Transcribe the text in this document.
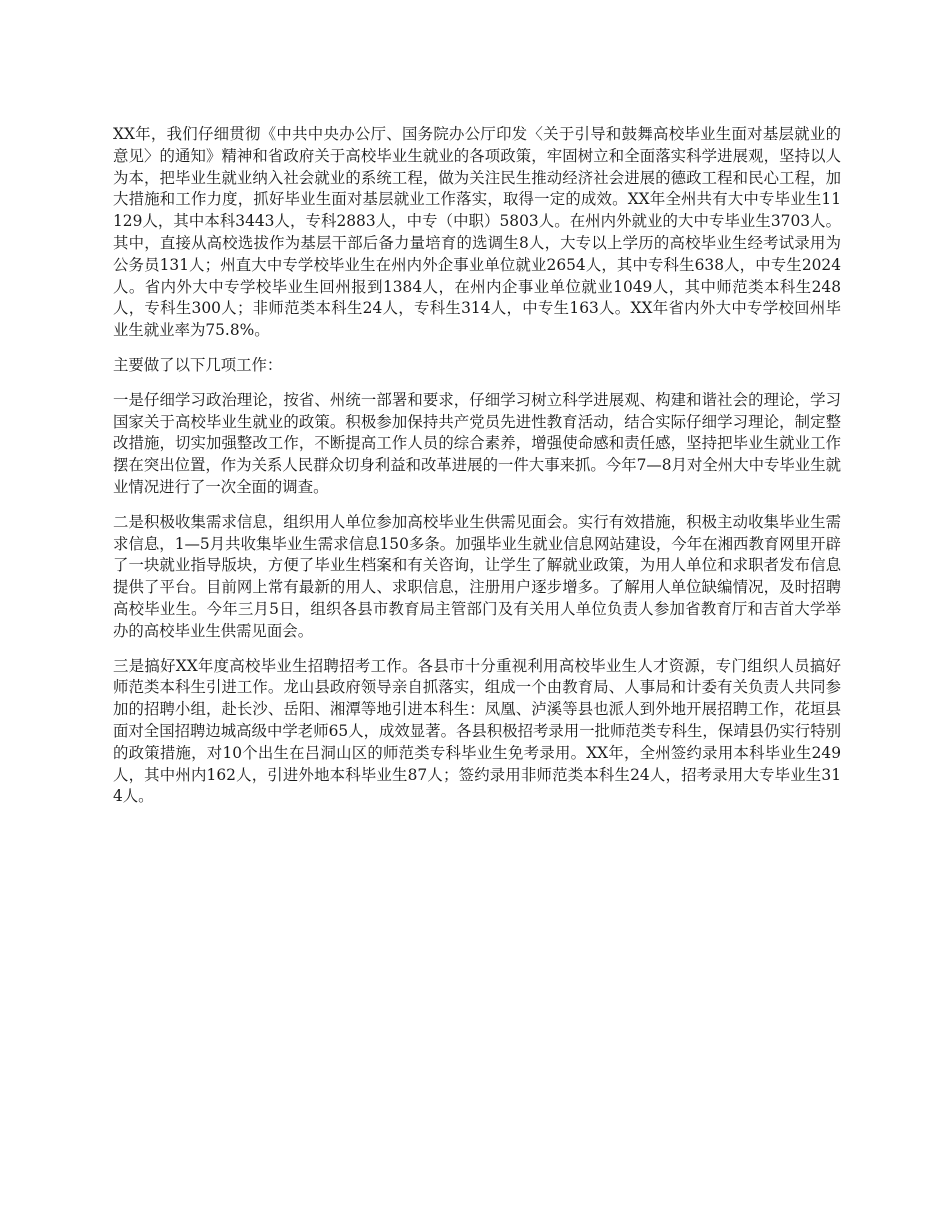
XX年，我们仔细贯彻《中共中央办公厅、国务院办公厅印发〈关于引导和鼓舞高校毕业生面对基层就业的意见〉的通知》精神和省政府关于高校毕业生就业的各项政策，牢固树立和全面落实科学进展观，坚持以人为本，把毕业生就业纳入社会就业的系统工程，做为关注民生推动经济社会进展的德政工程和民心工程，加大措施和工作力度，抓好毕业生面对基层就业工作落实，取得一定的成效。XX年全州共有大中专毕业生11129人，其中本科3443人，专科2883人，中专（中职）5803人。在州内外就业的大中专毕业生3703人。其中，直接从高校选拔作为基层干部后备力量培育的选调生8人，大专以上学历的高校毕业生经考试录用为公务员131人；州直大中专学校毕业生在州内外企事业单位就业2654人，其中专科生638人，中专生2024人。省内外大中专学校毕业生回州报到1384人，在州内企事业单位就业1049人，其中师范类本科生248人，专科生300人；非师范类本科生24人，专科生314人，中专生163人。XX年省内外大中专学校回州毕业生就业率为75.8%。

主要做了以下几项工作：

一是仔细学习政治理论，按省、州统一部署和要求，仔细学习树立科学进展观、构建和谐社会的理论，学习国家关于高校毕业生就业的政策。积极参加保持共产党员先进性教育活动，结合实际仔细学习理论，制定整改措施，切实加强整改工作，不断提高工作人员的综合素养，增强使命感和责任感，坚持把毕业生就业工作摆在突出位置，作为关系人民群众切身利益和改革进展的一件大事来抓。今年7—8月对全州大中专毕业生就业情况进行了一次全面的调查。

二是积极收集需求信息，组织用人单位参加高校毕业生供需见面会。实行有效措施，积极主动收集毕业生需求信息，1—5月共收集毕业生需求信息150多条。加强毕业生就业信息网站建设，今年在湘西教育网里开辟了一块就业指导版块，方便了毕业生档案和有关咨询，让学生了解就业政策，为用人单位和求职者发布信息提供了平台。目前网上常有最新的用人、求职信息，注册用户逐步增多。了解用人单位缺编情况，及时招聘高校毕业生。今年三月5日，组织各县市教育局主管部门及有关用人单位负责人参加省教育厅和吉首大学举办的高校毕业生供需见面会。

三是搞好XX年度高校毕业生招聘招考工作。各县市十分重视利用高校毕业生人才资源，专门组织人员搞好师范类本科生引进工作。龙山县政府领导亲自抓落实，组成一个由教育局、人事局和计委有关负责人共同参加的招聘小组，赴长沙、岳阳、湘潭等地引进本科生：凤凰、泸溪等县也派人到外地开展招聘工作，花垣县面对全国招聘边城高级中学老师65人，成效显著。各县积极招考录用一批师范类专科生，保靖县仍实行特别的政策措施，对10个出生在吕洞山区的师范类专科毕业生免考录用。XX年，全州签约录用本科毕业生249人，其中州内162人，引进外地本科毕业生87人；签约录用非师范类本科生24人，招考录用大专毕业生314人。
